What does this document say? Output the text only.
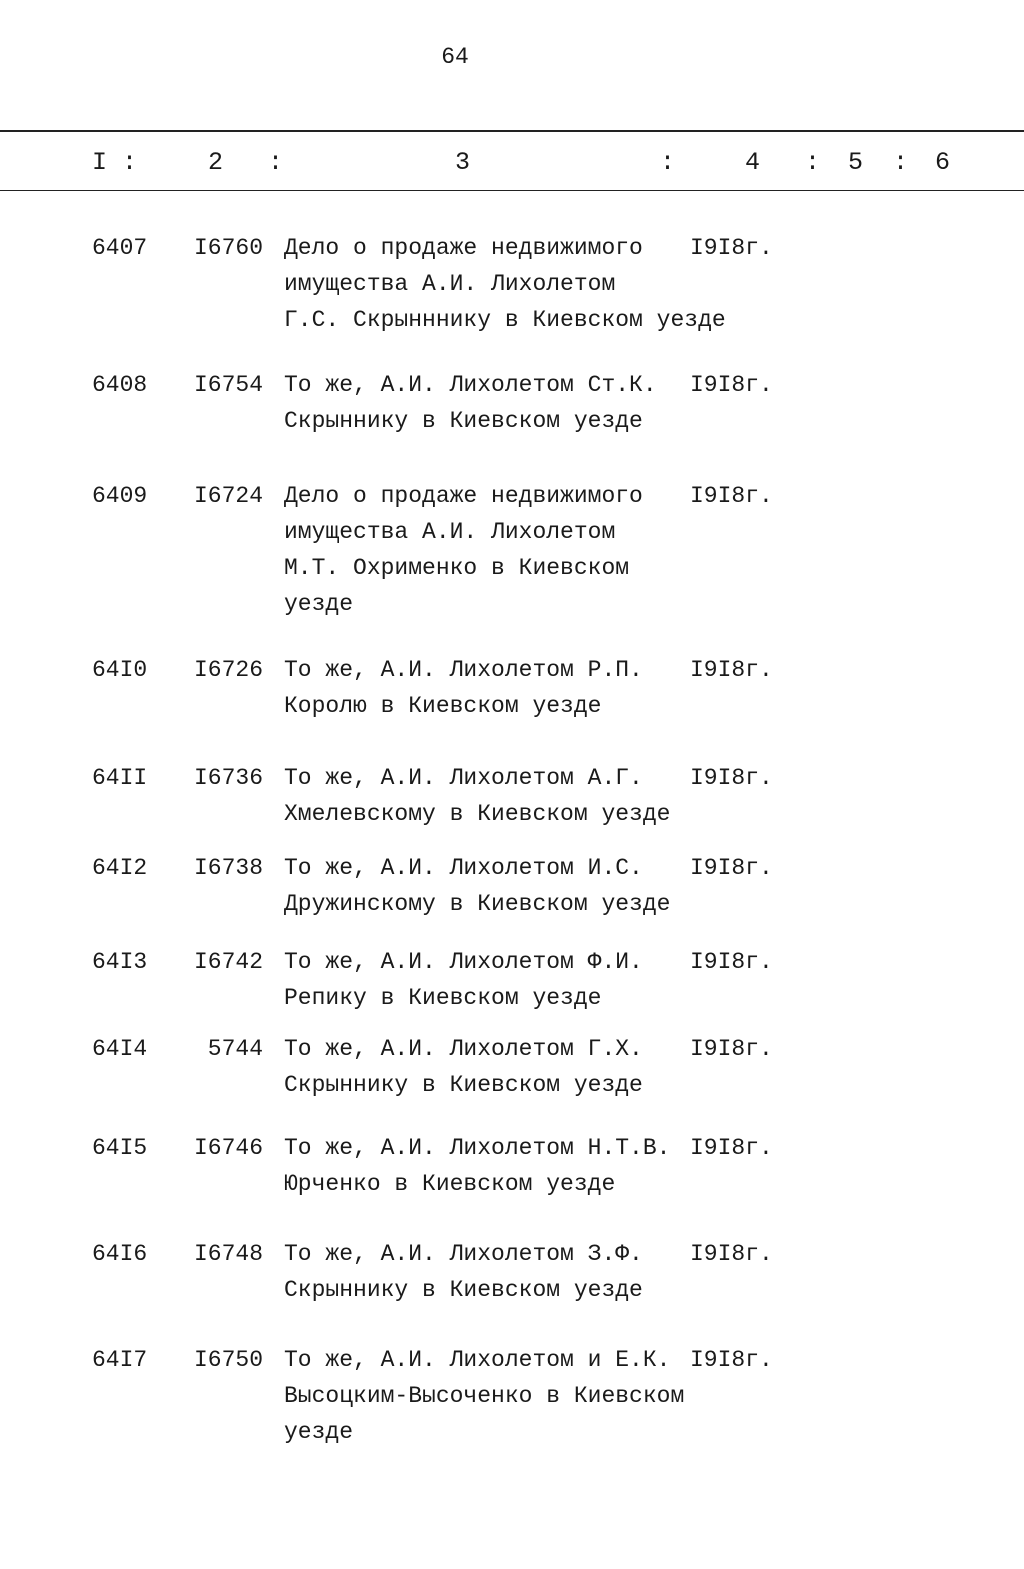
64
I :	2 :	3	:	4 : 5 : 6
6407	I6760 Дело о продаже недвижимого
имущества А.И. Лихолетом
Г.С. Скрынннику в Киевском уезде
I9I8г.
6408	I6754 То же, А.И. Лихолетом Ст.К.
Скрыннику в Киевском уезде
I9I8г.
6409	I6724 Дело о продаже недвижимого
имущества А.И. Лихолетом
М.Т. Охрименко в Киевском
уезде
I9I8г.
64I0	I6726 То же, А.И. Лихолетом Р.П.
Королю в Киевском уезде
I9I8г.
64II	I6736 То же, А.И. Лихолетом А.Г.
Хмелевскому в Киевском уезде
I9I8г.
64I2	I6738 То же, А.И. Лихолетом И.С.
Дружинскому в Киевском уезде
I9I8г.
64I3	I6742 То же, А.И. Лихолетом Ф.И.
Репику в Киевском уезде
I9I8г.
64I4	5744 То же, А.И. Лихолетом Г.Х.
Скрыннику в Киевском уезде
I9I8г.
64I5	I6746 То же, А.И. Лихолетом Н.Т.В.
Юрченко в Киевском уезде
I9I8г.
64I6	I6748 То же, А.И. Лихолетом З.Ф.
Скрыннику в Киевском уезде
I9I8г.
64I7	I6750 То же, А.И. Лихолетом и Е.К.
Высоцким-Высоченко в Киевском
уезде
I9I8г.
